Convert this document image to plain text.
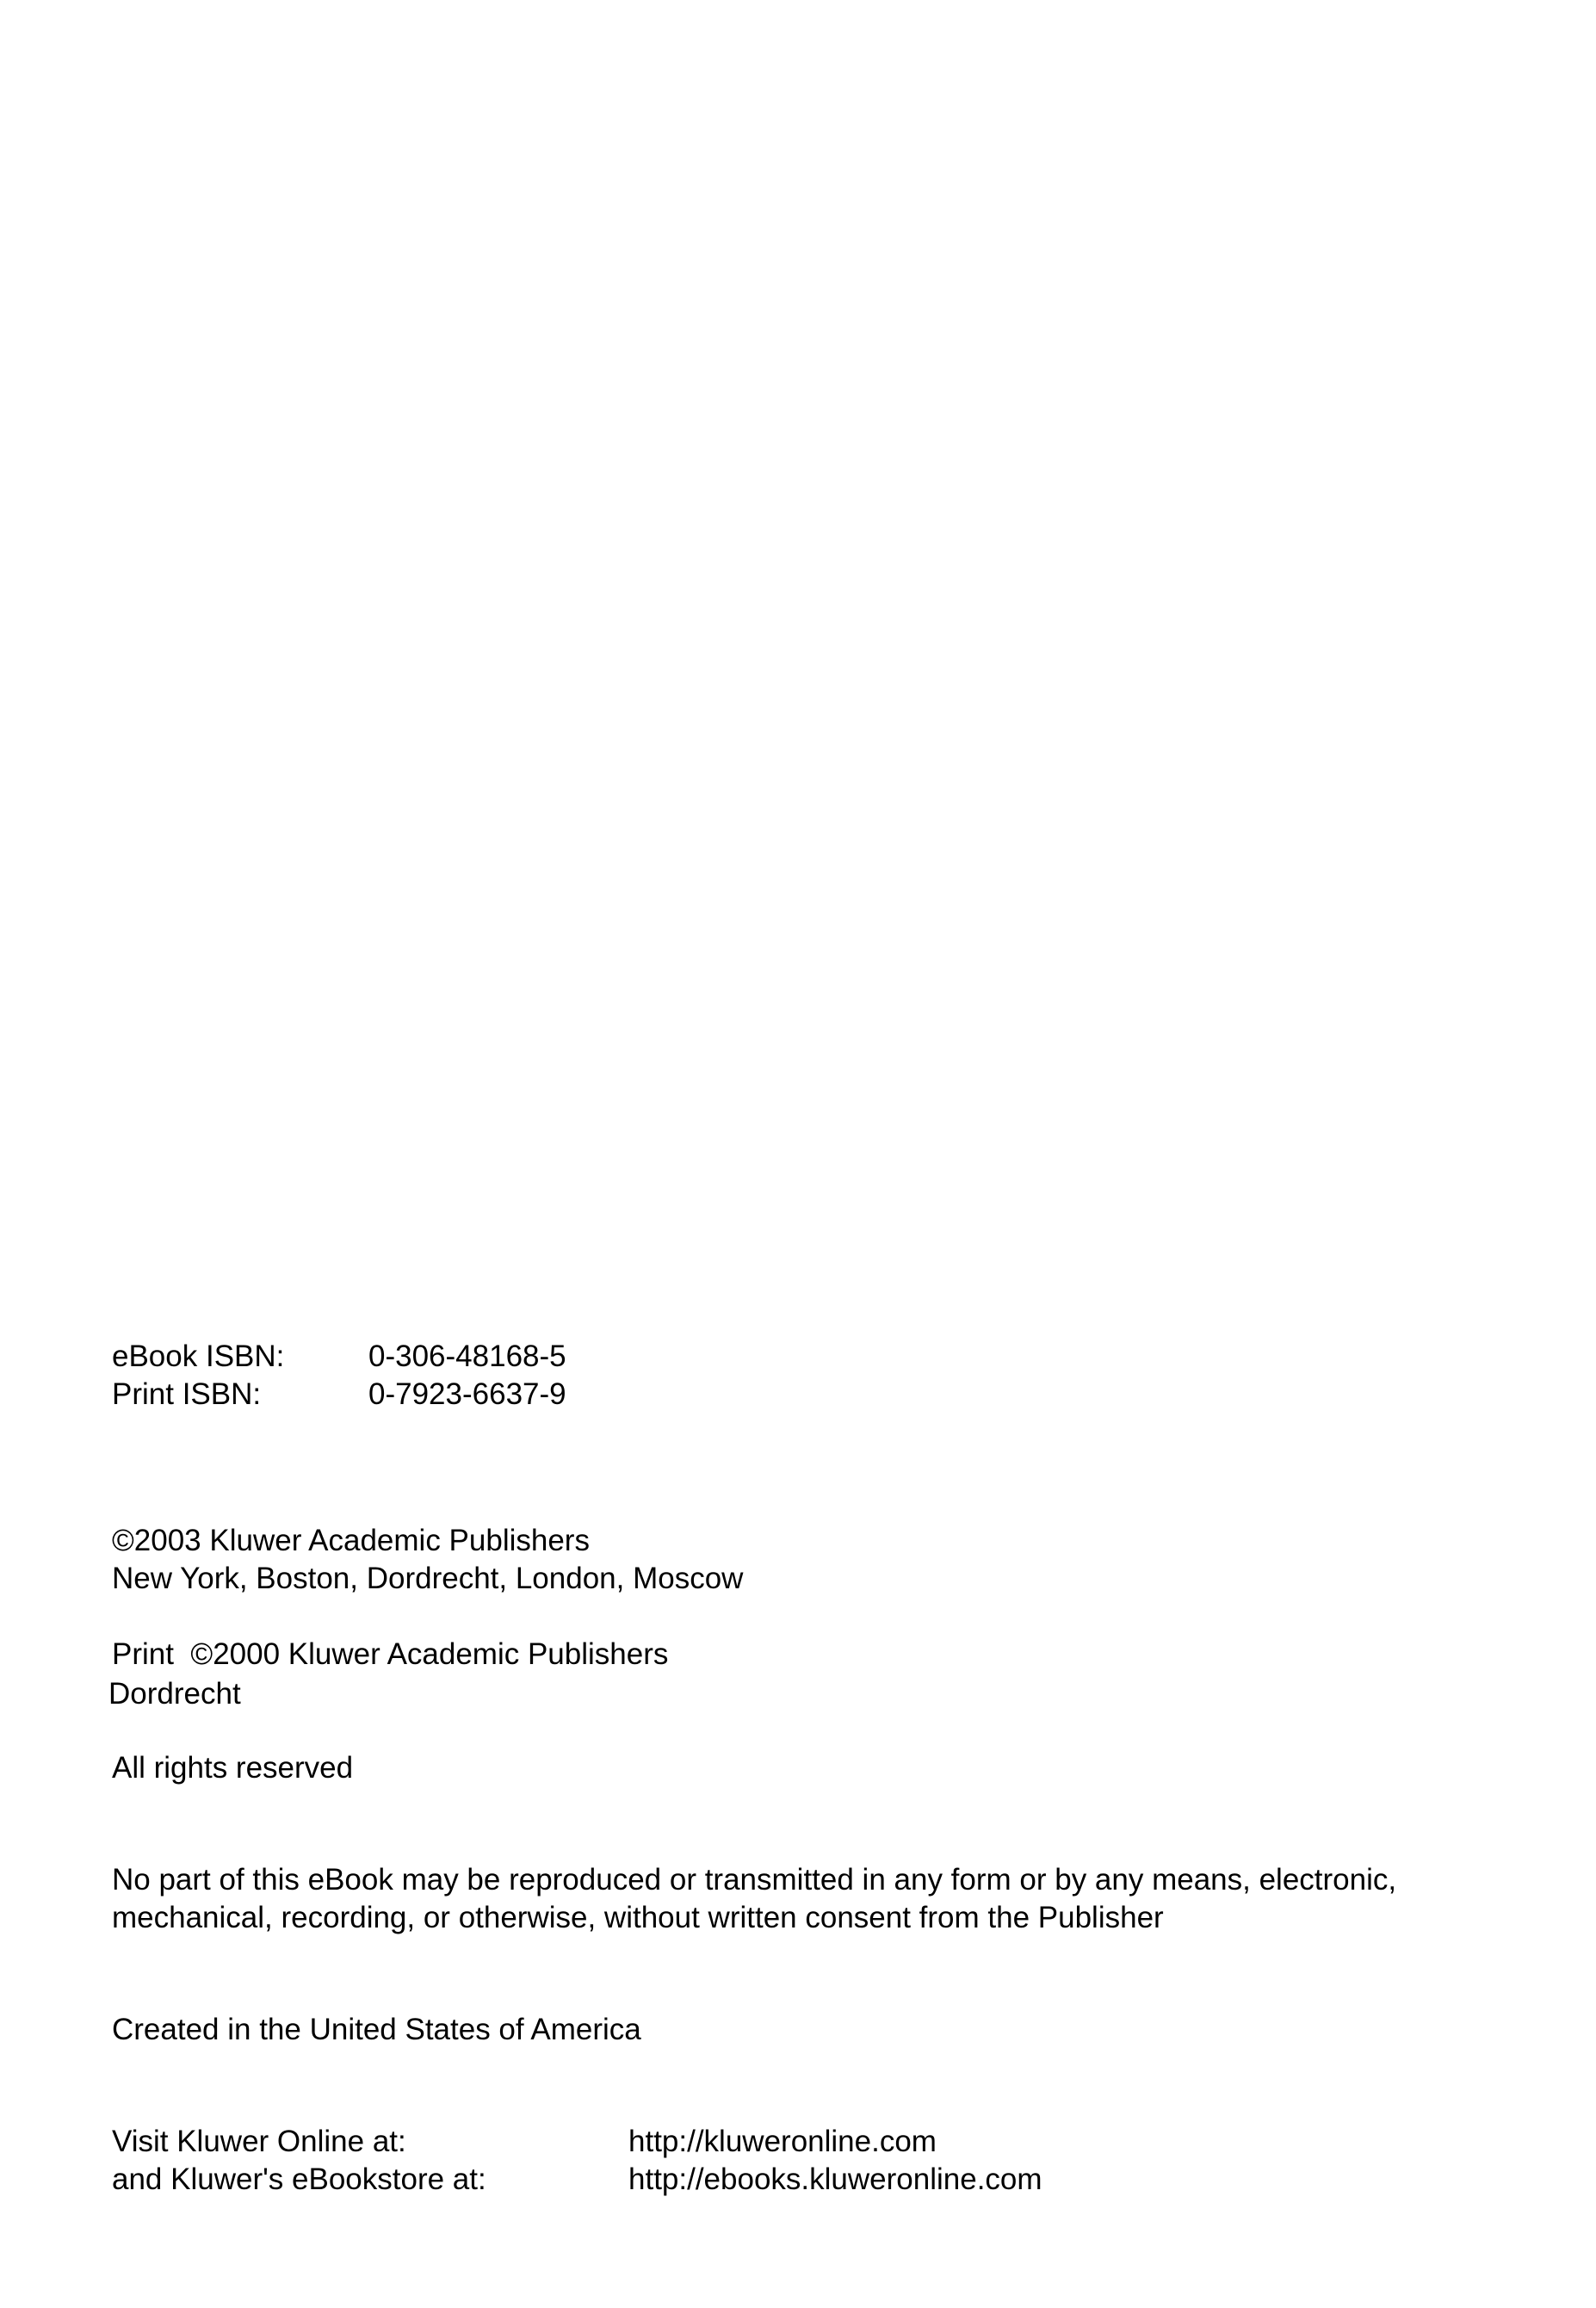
eBook ISBN:	0-306-48168-5
Print ISBN:	0-7923-6637-9
©2003 Kluwer Academic Publishers
New York, Boston, Dordrecht, London, Moscow
Print  ©2000 Kluwer Academic Publishers
Dordrecht
All rights reserved
No part of this eBook may be reproduced or transmitted in any form or by any means, electronic,
mechanical, recording, or otherwise, without written consent from the Publisher
Created in the United States of America
Visit Kluwer Online at:	http://kluweronline.com
and Kluwer's eBookstore at:	http://ebooks.kluweronline.com
